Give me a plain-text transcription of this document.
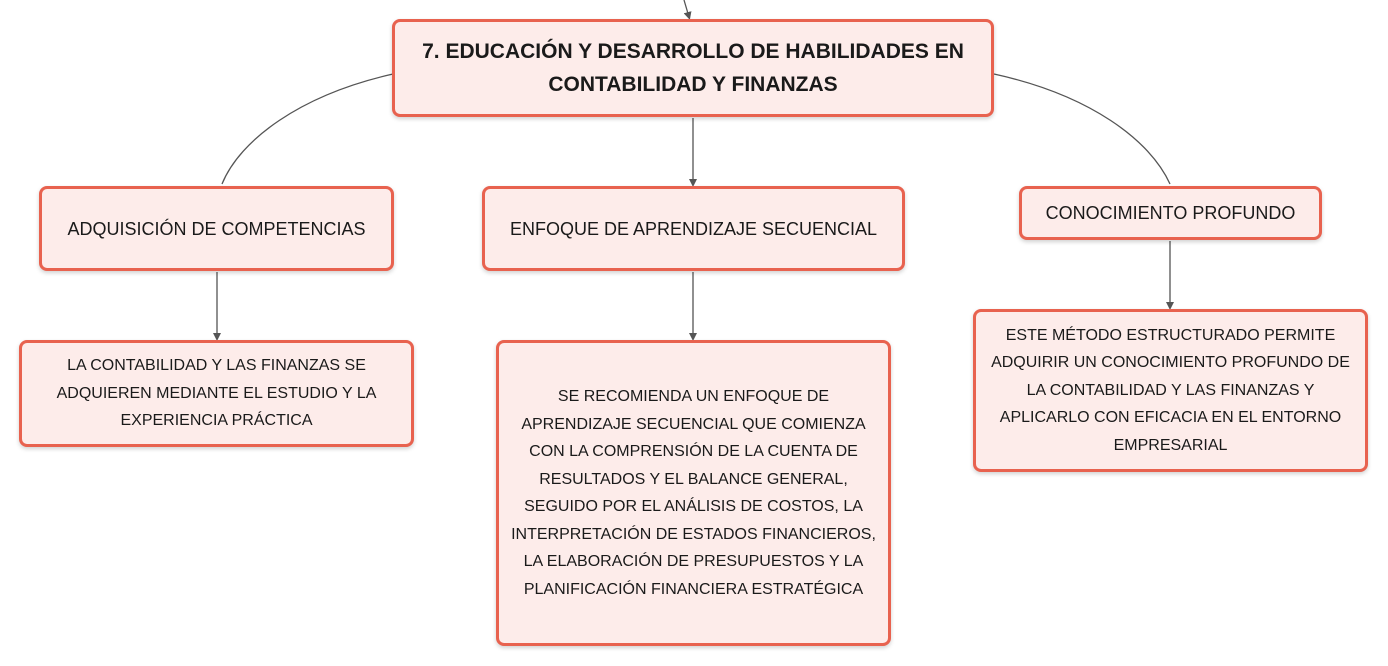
7. EDUCACIÓN Y DESARROLLO DE HABILIDADES EN CONTABILIDAD Y FINANZAS
ADQUISICIÓN DE COMPETENCIAS	ENFOQUE DE APRENDIZAJE SECUENCIAL
CONOCIMIENTO PROFUNDO
LA CONTABILIDAD Y LAS FINANZAS SE ADQUIEREN MEDIANTE EL ESTUDIO Y LA EXPERIENCIA PRÁCTICA
SE RECOMIENDA UN ENFOQUE DE APRENDIZAJE SECUENCIAL QUE COMIENZA CON LA COMPRENSIÓN DE LA CUENTA DE RESULTADOS Y EL BALANCE GENERAL, SEGUIDO POR EL ANÁLISIS DE COSTOS, LA INTERPRETACIÓN DE ESTADOS FINANCIEROS, LA ELABORACIÓN DE PRESUPUESTOS Y LA PLANIFICACIÓN FINANCIERA ESTRATÉGICA
ESTE MÉTODO ESTRUCTURADO PERMITE ADQUIRIR UN CONOCIMIENTO PROFUNDO DE LA CONTABILIDAD Y LAS FINANZAS Y APLICARLO CON EFICACIA EN EL ENTORNO EMPRESARIAL
